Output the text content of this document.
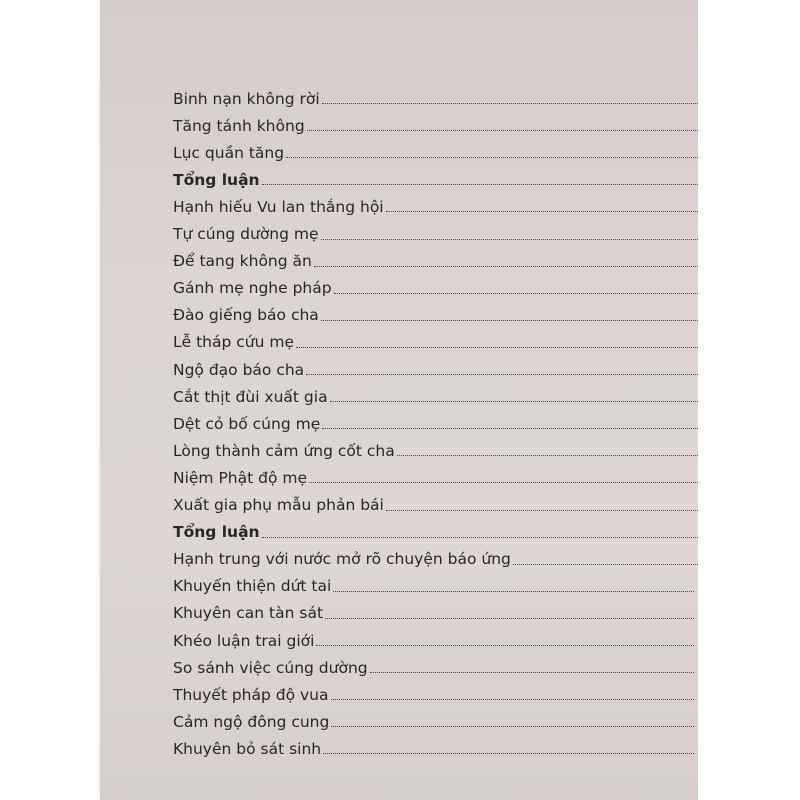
Binh nạn không rời
Tăng tánh không
Lục quần tăng
Tổng luận
Hạnh hiếu Vu lan thắng hội
Tự cúng dường mẹ
Để tang không ăn
Gánh mẹ nghe pháp
Đào giếng báo cha
Lễ tháp cứu mẹ
Ngộ đạo báo cha
Cắt thịt đùi xuất gia
Dệt cỏ bố cúng mẹ
Lòng thành cảm ứng cốt cha
Niệm Phật độ mẹ
Xuất gia phụ mẫu phản bái
Tổng luận
Hạnh trung với nước mở rõ chuyện báo ứng
Khuyến thiện dứt tai
Khuyên can tàn sát
Khéo luận trai giới
So sánh việc cúng dường
Thuyết pháp độ vua
Cảm ngộ đông cung
Khuyên bỏ sát sinh
